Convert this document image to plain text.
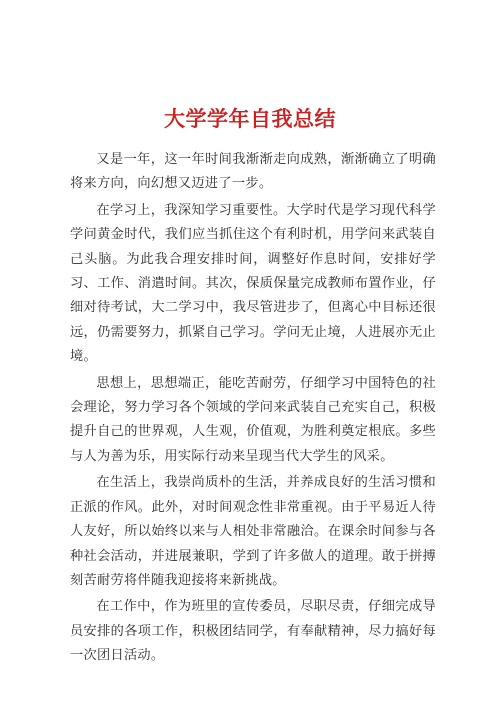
大学学年自我总结

又是一年，这一年时间我渐渐走向成熟，渐渐确立了明确将来方向，向幻想又迈进了一步。

在学习上，我深知学习重要性。大学时代是学习现代科学学问黄金时代，我们应当抓住这个有利时机，用学问来武装自己头脑。为此我合理安排时间，调整好作息时间，安排好学习、工作、消遣时间。其次，保质保量完成教师布置作业，仔细对待考试，大二学习中，我尽管进步了，但离心中目标还很远，仍需要努力，抓紧自己学习。学问无止境，人进展亦无止境。

思想上，思想端正，能吃苦耐劳，仔细学习中国特色的社会理论，努力学习各个领域的学问来武装自己充实自己，积极提升自己的世界观，人生观，价值观，为胜利奠定根底。多些与人为善为乐，用实际行动来呈现当代大学生的风采。

在生活上，我崇尚质朴的生活，并养成良好的生活习惯和正派的作风。此外，对时间观念性非常重视。由于平易近人待人友好，所以始终以来与人相处非常融洽。在课余时间参与各种社会活动，并进展兼职，学到了许多做人的道理。敢于拼搏刻苦耐劳将伴随我迎接将来新挑战。

在工作中，作为班里的宣传委员，尽职尽责，仔细完成导员安排的各项工作，积极团结同学，有奉献精神，尽力搞好每一次团日活动。
